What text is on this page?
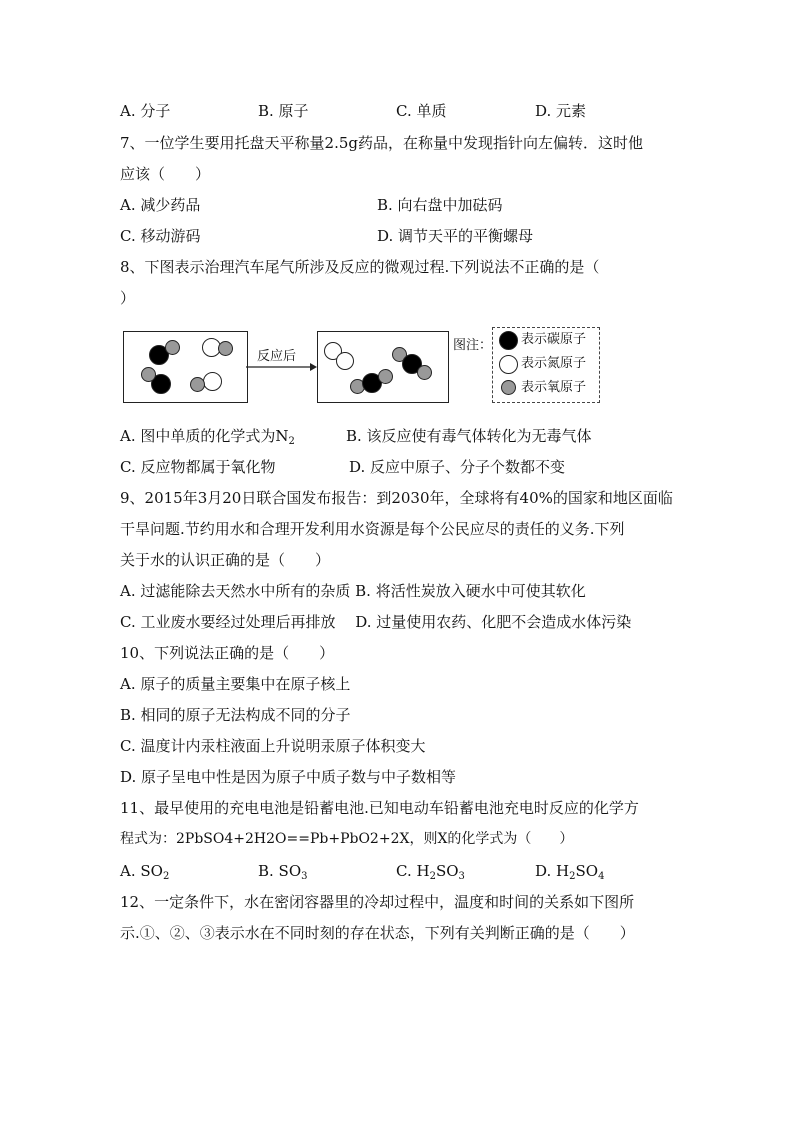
A. 分子	B. 原子	C. 单质	D. 元素
7、一位学生要用托盘天平称量2.5g药品，在称量中发现指针向左偏转．这时他
应该（　　）
A. 减少药品	B. 向右盘中加砝码
C. 移动游码	D. 调节天平的平衡螺母
8、下图表示治理汽车尾气所涉及反应的微观过程.下列说法不正确的是（
）
反应后
图注： 表示碳原子
表示氮原子
表示氧原子
A. 图中单质的化学式为$N_2$	B. 该反应使有毒气体转化为无毒气体
C. 反应物都属于氧化物	D. 反应中原子、分子个数都不变
9、2015年3月20日联合国发布报告：到2030年，全球将有40%的国家和地区面临
干旱问题.节约用水和合理开发利用水资源是每个公民应尽的责任的义务.下列
关于水的认识正确的是（　　）
A. 过滤能除去天然水中所有的杂质 B. 将活性炭放入硬水中可使其软化
C. 工业废水要经过处理后再排放　 D. 过量使用农药、化肥不会造成水体污染
10、下列说法正确的是（　　）
A. 原子的质量主要集中在原子核上
B. 相同的原子无法构成不同的分子
C. 温度计内汞柱液面上升说明汞原子体积变大
D. 原子呈电中性是因为原子中质子数与中子数相等
11、最早使用的充电电池是铅蓄电池.已知电动车铅蓄电池充电时反应的化学方
程式为：2PbSO4+2H2O==Pb+PbO2+2X，则X的化学式为（　　）
A. $SO_2$	B. $SO_3$	C. $H_2SO_3$	D. $H_2SO_4$
12、一定条件下，水在密闭容器里的冷却过程中，温度和时间的关系如下图所
示.①、②、③表示水在不同时刻的存在状态，下列有关判断正确的是（　　）
